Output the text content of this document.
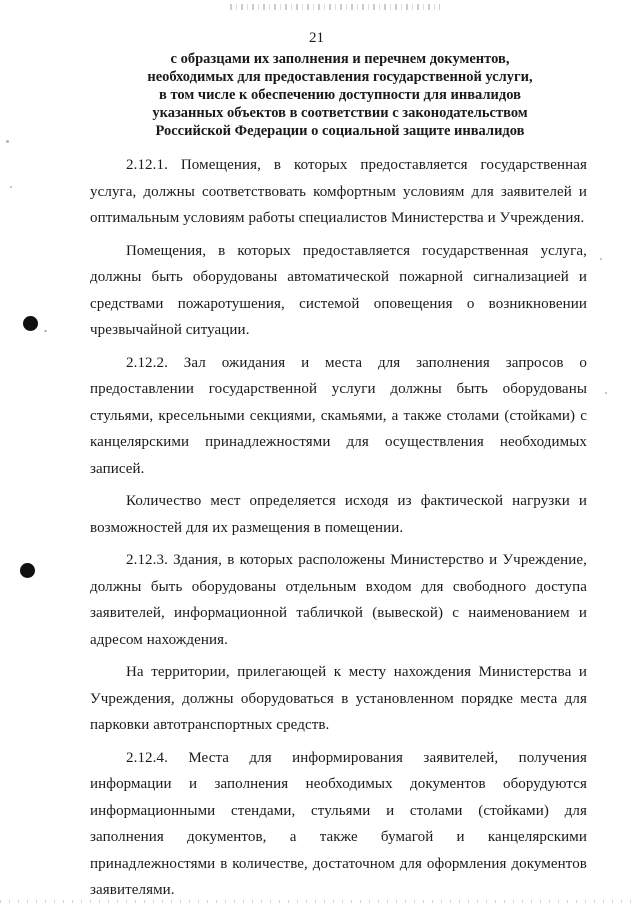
21
с образцами их заполнения и перечнем документов,
необходимых для предоставления государственной услуги,
в том числе к обеспечению доступности для инвалидов
указанных объектов в соответствии с законодательством
Российской Федерации о социальной защите инвалидов

2.12.1. Помещения, в которых предоставляется государственная услуга, должны соответствовать комфортным условиям для заявителей и оптимальным условиям работы специалистов Министерства и Учреждения.

Помещения, в которых предоставляется государственная услуга, должны быть оборудованы автоматической пожарной сигнализацией и средствами пожаротушения, системой оповещения о возникновении чрезвычайной ситуации.

2.12.2. Зал ожидания и места для заполнения запросов о предоставлении государственной услуги должны быть оборудованы стульями, кресельными секциями, скамьями, а также столами (стойками) с канцелярскими принадлежностями для осуществления необходимых записей.

Количество мест определяется исходя из фактической нагрузки и возможностей для их размещения в помещении.

2.12.3. Здания, в которых расположены Министерство и Учреждение, должны быть оборудованы отдельным входом для свободного доступа заявителей, информационной табличкой (вывеской) с наименованием и адресом нахождения.

На территории, прилегающей к месту нахождения Министерства и Учреждения, должны оборудоваться в установленном порядке места для парковки автотранспортных средств.

2.12.4. Места для информирования заявителей, получения информации и заполнения необходимых документов оборудуются информационными стендами, стульями и столами (стойками) для заполнения документов, а также бумагой и канцелярскими принадлежностями в количестве, достаточном для оформления документов заявителями.
